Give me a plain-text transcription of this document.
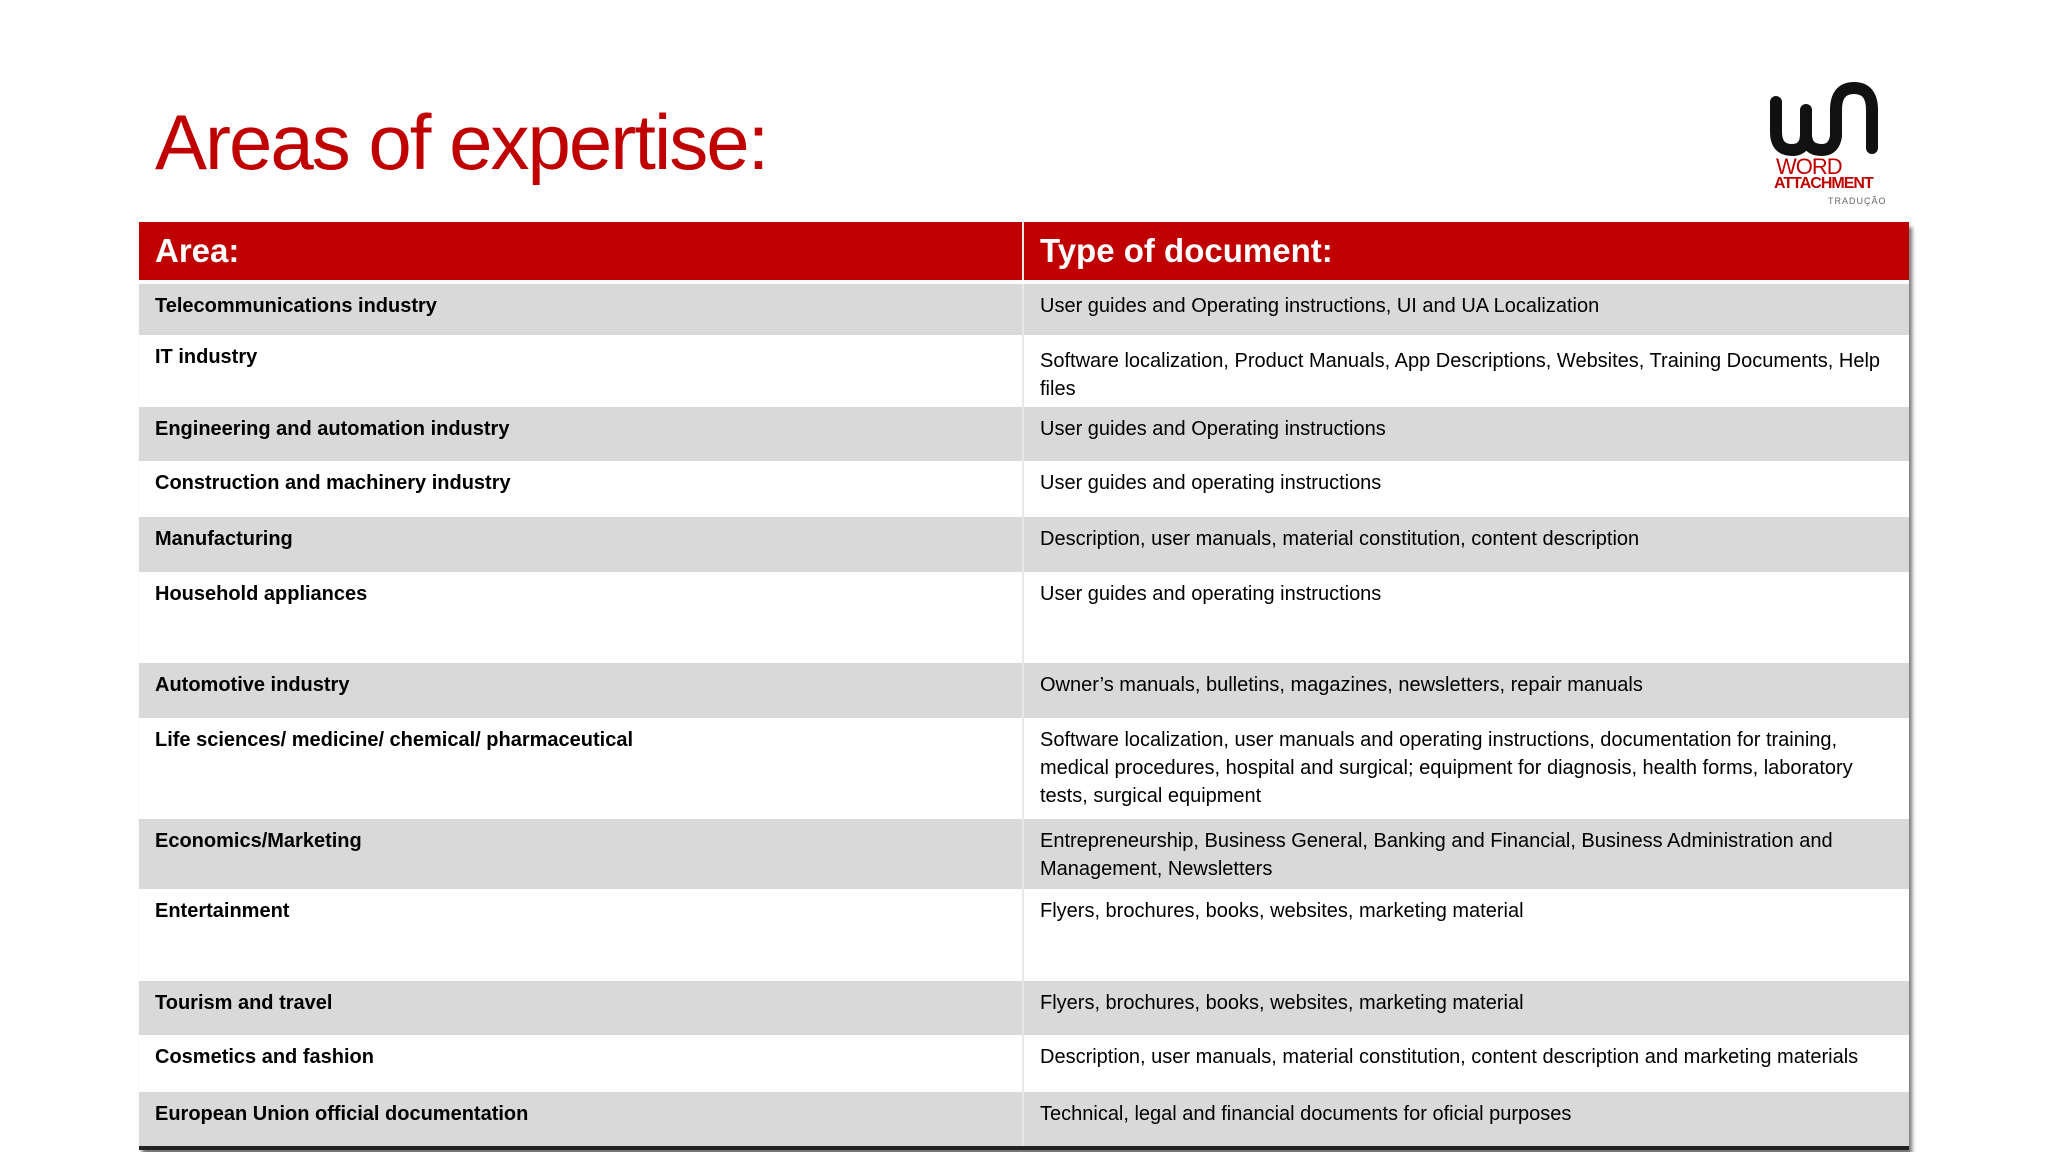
Areas of expertise:	WORD
ATTACHMENT
TRADUÇÃO
Area:	Type of document:
Telecommunications industry	User guides and Operating instructions, UI and UA Localization
IT industry	Software localization, Product Manuals, App Descriptions, Websites, Training Documents, Help files
Engineering and automation industry	User guides and Operating instructions
Construction and machinery industry	User guides and operating instructions
Manufacturing	Description, user manuals, material constitution, content description
Household appliances	User guides and operating instructions
Automotive industry	Owner’s manuals, bulletins, magazines, newsletters, repair manuals
Life sciences/ medicine/ chemical/ pharmaceutical	Software localization, user manuals and operating instructions, documentation for training, medical procedures, hospital and surgical; equipment for diagnosis, health forms, laboratory tests, surgical equipment
Economics/Marketing	Entrepreneurship, Business General, Banking and Financial, Business Administration and Management, Newsletters
Entertainment	Flyers, brochures, books, websites, marketing material
Tourism and travel	Flyers, brochures, books, websites, marketing material
Cosmetics and fashion	Description, user manuals, material constitution, content description and marketing materials
European Union official documentation	Technical, legal and financial documents for oficial purposes
